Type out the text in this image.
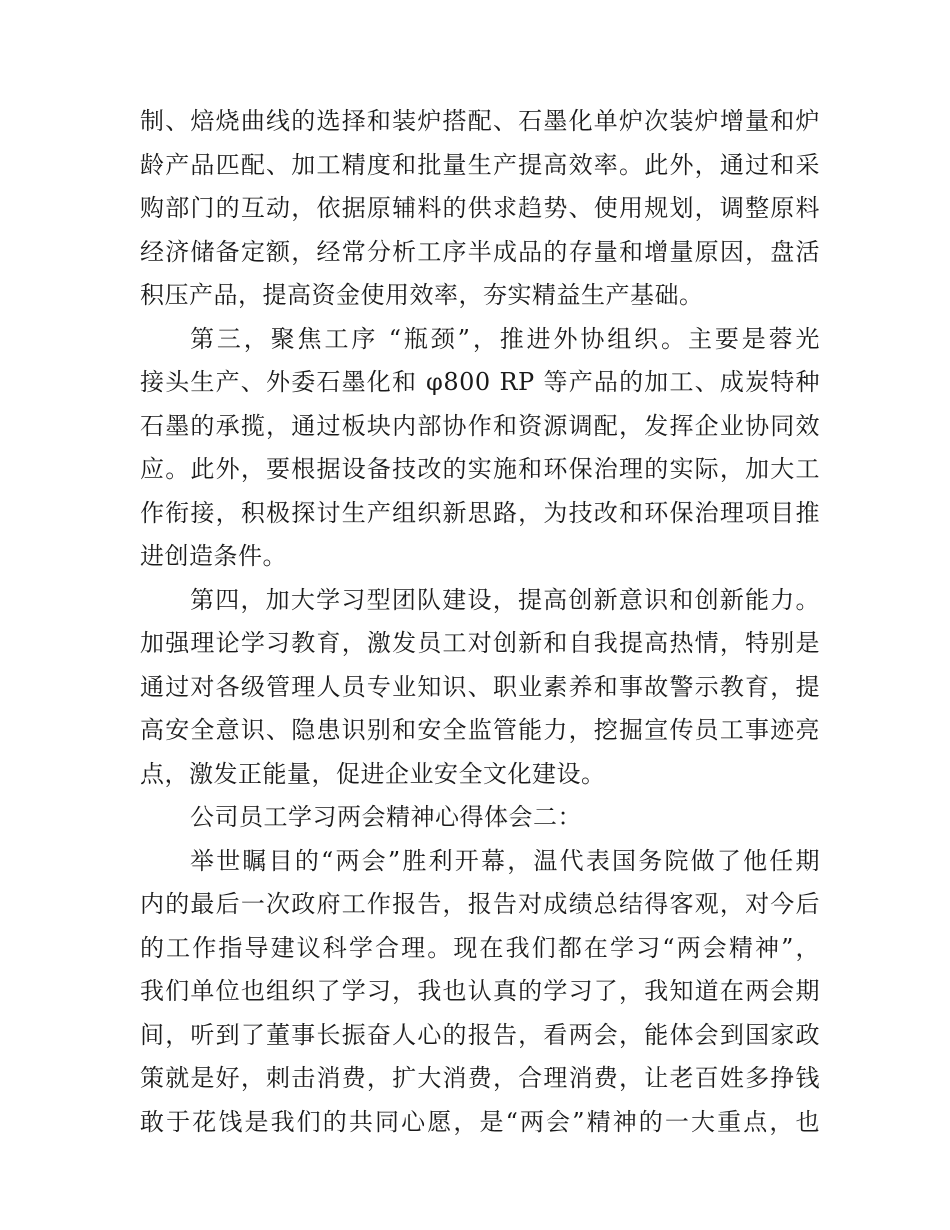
制、焙烧曲线的选择和装炉搭配、石墨化单炉次装炉增量和炉
龄产品匹配、加工精度和批量生产提高效率。此外，通过和采
购部门的互动，依据原辅料的供求趋势、使用规划，调整原料
经济储备定额，经常分析工序半成品的存量和增量原因，盘活
积压产品，提高资金使用效率，夯实精益生产基础。
第三，聚焦工序 “瓶颈”，推进外协组织。主要是蓉光
接头生产、外委石墨化和 φ800 RP 等产品的加工、成炭特种
石墨的承揽，通过板块内部协作和资源调配，发挥企业协同效
应。此外，要根据设备技改的实施和环保治理的实际，加大工
作衔接，积极探讨生产组织新思路，为技改和环保治理项目推
进创造条件。
第四，加大学习型团队建设，提高创新意识和创新能力。
加强理论学习教育，激发员工对创新和自我提高热情，特别是
通过对各级管理人员专业知识、职业素养和事故警示教育，提
高安全意识、隐患识别和安全监管能力，挖掘宣传员工事迹亮
点，激发正能量，促进企业安全文化建设。
公司员工学习两会精神心得体会二：
举世瞩目的“两会”胜利开幕，温代表国务院做了他任期
内的最后一次政府工作报告，报告对成绩总结得客观，对今后
的工作指导建议科学合理。现在我们都在学习“两会精神”，
我们单位也组织了学习，我也认真的学习了，我知道在两会期
间，听到了董事长振奋人心的报告，看两会，能体会到国家政
策就是好，刺击消费，扩大消费，合理消费，让老百姓多挣钱
敢于花饯是我们的共同心愿，是“两会”精神的一大重点，也
